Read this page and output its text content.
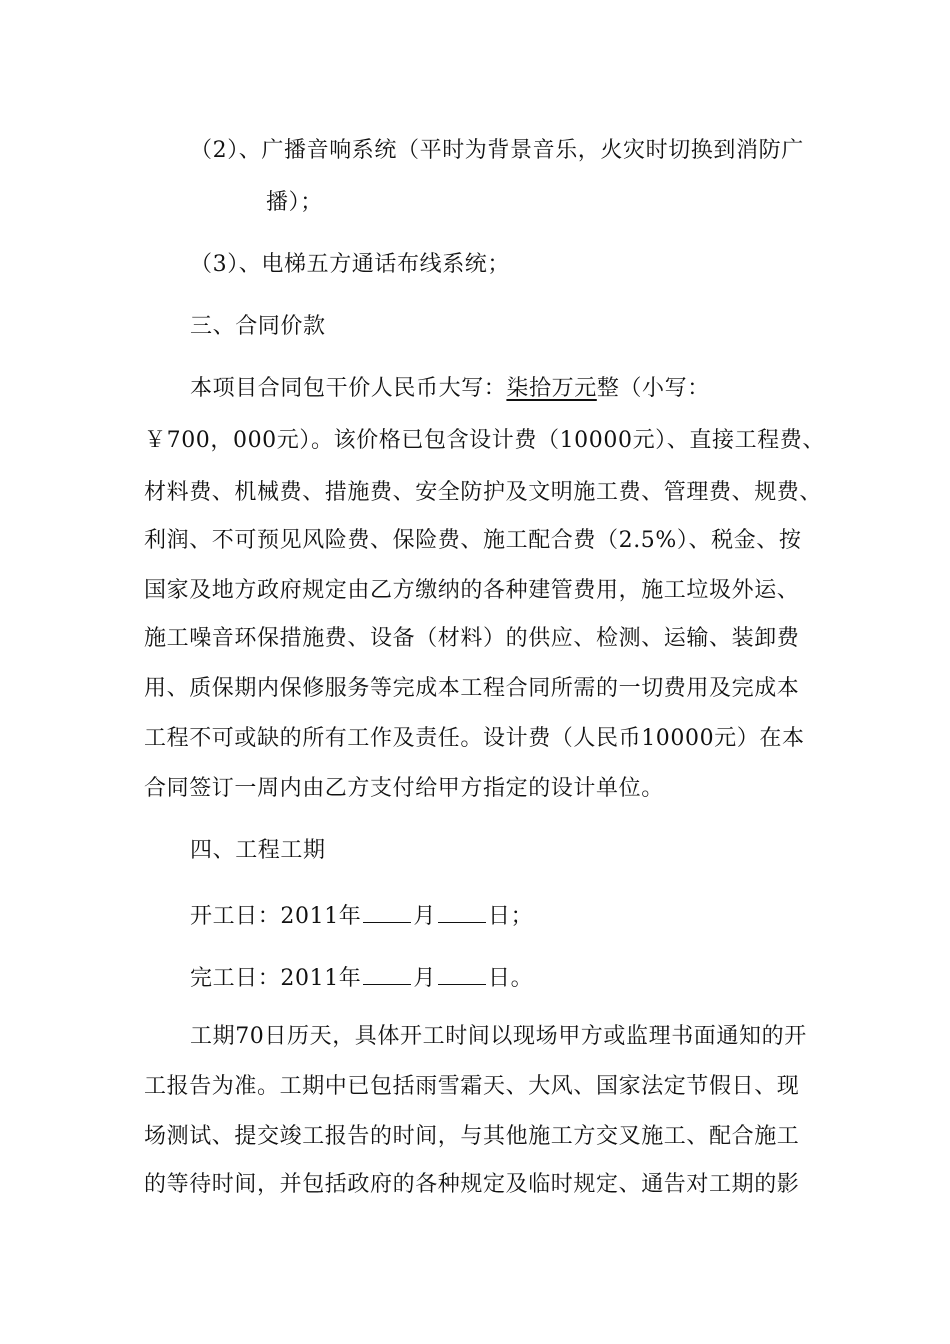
（2）、广播音响系统（平时为背景音乐，火灾时切换到消防广
播）；
（3）、电梯五方通话布线系统；
三、合同价款
本项目合同包干价人民币大写：柒拾万元整（小写：
￥700，000元）。该价格已包含设计费（10000元）、直接工程费、
材料费、机械费、措施费、安全防护及文明施工费、管理费、规费、
利润、不可预见风险费、保险费、施工配合费（2.5%）、税金、按
国家及地方政府规定由乙方缴纳的各种建管费用，施工垃圾外运、
施工噪音环保措施费、设备（材料）的供应、检测、运输、装卸费
用、质保期内保修服务等完成本工程合同所需的一切费用及完成本
工程不可或缺的所有工作及责任。设计费（人民币10000元）在本
合同签订一周内由乙方支付给甲方指定的设计单位。
四、工程工期
开工日：2011年 月 日；
完工日：2011年 月 日。
工期70日历天，具体开工时间以现场甲方或监理书面通知的开
工报告为准。工期中已包括雨雪霜天、大风、国家法定节假日、现
场测试、提交竣工报告的时间，与其他施工方交叉施工、配合施工
的等待时间，并包括政府的各种规定及临时规定、通告对工期的影
